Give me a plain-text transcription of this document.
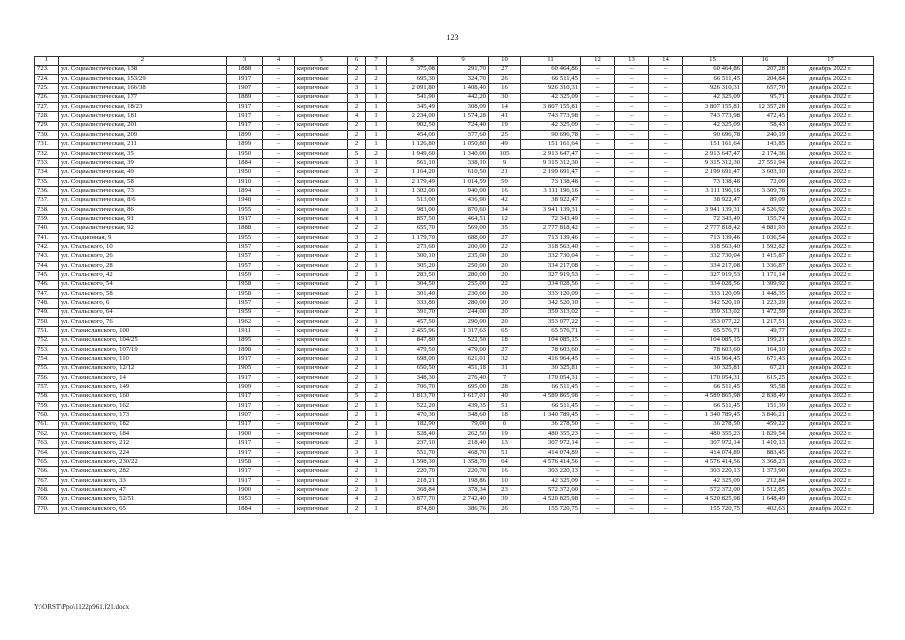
123
1	2	3	4	5	6	7	8	9	10	11	12	13	14	15	16	17
723.	ул. Социалистическая, 138	1888	–	кирпичные	2	1	375,08	291,70	27	60 464,86	–	–	–	60 464,86	207,28	декабрь 2022 г.
724.	ул. Социалистическая, 153/29	1917	–	кирпичные	2	2	695,30	324,70	26	66 511,45	–	–	–	66 511,45	204,84	декабрь 2022 г.
725.	ул. Социалистическая, 166/38	1907	–	кирпичные	3	1	2 091,80	1 408,40	16	926 310,31	–	–	–	926 310,31	657,70	декабрь 2022 г.
726.	ул. Социалистическая, 177	1889	–	кирпичные	3	1	541,90	442,20	30	42 325,09	–	–	–	42 325,09	95,71	декабрь 2022 г.
727.	ул. Социалистическая, 18/23	1917	–	кирпичные	2	1	345,49	308,09	14	3 807 155,81	–	–	–	3 807 155,81	12 357,28	декабрь 2022 г.
728.	ул. Социалистическая, 181	1917	–	кирпичные	4	1	2 234,00	1 574,28	41	743 773,98	–	–	–	743 773,98	472,45	декабрь 2022 г.
729.	ул. Социалистическая, 201	1917	–	кирпичные	2	1	902,50	724,40	19	42 325,09	–	–	–	42 325,09	58,43	декабрь 2022 г.
730.	ул. Социалистическая, 209	1899	–	кирпичные	2	1	454,00	377,60	25	90 696,78	–	–	–	90 696,78	240,19	декабрь 2022 г.
731.	ул. Социалистическая, 211	1899	–	кирпичные	2	1	1 126,80	1 050,80	49	151 161,64	–	–	–	151 161,64	143,85	декабрь 2022 г.
732.	ул. Социалистическая, 35	1950	–	кирпичные	5	2	1 949,60	1 340,00	105	2 913 647,47	–	–	–	2 913 647,47	2 174,36	декабрь 2022 г.
733.	ул. Социалистическая, 39	1884	–	кирпичные	3	1	561,10	338,10	9	9 315 312,30	–	–	–	9 315 312,30	27 551,94	декабрь 2022 г.
734.	ул. Социалистическая, 49	1950	–	кирпичные	3	2	1 164,20	610,50	21	2 199 691,47	–	–	–	2 199 691,47	3 603,10	декабрь 2022 г.
735.	ул. Социалистическая, 58	1910	–	кирпичные	3	1	2 179,49	1 014,59	59	73 138,48	–	–	–	73 138,48	72,09	декабрь 2022 г.
736.	ул. Социалистическая, 73	1894	–	кирпичные	3	1	1 302,00	940,00	16	3 111 196,16	–	–	–	3 111 196,16	3 309,78	декабрь 2022 г.
737.	ул. Социалистическая, 8/6	1948	–	кирпичные	3	1	513,00	436,90	42	38 922,47	–	–	–	38 922,47	89,09	декабрь 2022 г.
738.	ул. Социалистическая, 86	1955	–	кирпичные	3	2	983,00	870,60	34	3 941 139,31	–	–	–	3 941 139,31	4 526,92	декабрь 2022 г.
739.	ул. Социалистическая, 91	1917	–	кирпичные	4	1	857,50	464,51	12	72 343,49	–	–	–	72 343,49	155,74	декабрь 2022 г.
740.	ул. Социалистическая, 92	1888	–	кирпичные	2	2	655,70	569,00	35	2 777 818,42	–	–	–	2 777 818,42	4 881,93	декабрь 2022 г.
741.	ул. Стадионная, 9	1955	–	кирпичные	3	2	1 179,70	688,00	27	713 139,46	–	–	–	713 139,46	1 036,54	декабрь 2022 г.
742.	ул. Стальского, 10	1957	–	кирпичные	2	1	273,60	200,00	22	318 563,40	–	–	–	318 563,40	1 592,82	декабрь 2022 г.
743.	ул. Стальского, 26	1957	–	кирпичные	2	1	300,10	235,00	20	332 730,04	–	–	–	332 730,04	1 415,87	декабрь 2022 г.
744.	ул. Стальского, 28	1957	–	кирпичные	2	1	305,20	250,00	20	334 217,08	–	–	–	334 217,08	1 336,87	декабрь 2022 г.
745.	ул. Стальского, 42	1959	–	кирпичные	2	1	283,50	280,00	20	327 919,53	–	–	–	327 919,53	1 171,14	декабрь 2022 г.
746.	ул. Стальского, 54	1958	–	кирпичные	2	1	304,50	255,00	22	334 028,56	–	–	–	334 028,56	1 309,92	декабрь 2022 г.
747.	ул. Стальского, 58	1958	–	кирпичные	2	1	301,40	230,00	20	333 120,09	–	–	–	333 120,09	1 448,35	декабрь 2022 г.
748.	ул. Стальского, 6	1957	–	кирпичные	2	1	333,80	280,00	20	342 520,10	–	–	–	342 520,10	1 223,29	декабрь 2022 г.
749.	ул. Стальского, 64	1959	–	кирпичные	2	1	391,70	244,00	20	359 313,02	–	–	–	359 313,02	1 472,59	декабрь 2022 г.
750.	ул. Стальского, 76	1962	–	кирпичные	2	1	457,50	290,00	20	353 077,22	–	–	–	353 077,22	1 217,51	декабрь 2022 г.
751.	ул. Станиславского, 100	1911	–	кирпичные	4	2	2 455,96	1 317,63	65	65 576,71	–	–	–	65 576,71	49,77	декабрь 2022 г.
752.	ул. Станиславского, 104/25	1895	–	кирпичные	3	1	847,80	522,50	18	104 085,15	–	–	–	104 085,15	199,21	декабрь 2022 г.
753.	ул. Станиславского, 107/19	1898	–	кирпичные	3	1	479,50	479,00	27	78 603,60	–	–	–	78 603,60	164,10	декабрь 2022 г.
754.	ул. Станиславского, 110	1917	–	кирпичные	2	1	698,00	621,01	32	416 964,45	–	–	–	416 964,45	671,43	декабрь 2022 г.
755.	ул. Станиславского, 12/12	1905	–	кирпичные	2	1	650,50	451,18	31	30 325,81	–	–	–	30 325,81	67,21	декабрь 2022 г.
756.	ул. Станиславского, 14	1917	–	кирпичные	2	1	348,30	276,40	7	170 054,31	–	–	–	170 054,31	615,25	декабрь 2022 г.
757.	ул. Станиславского, 149	1909	–	кирпичные	2	2	706,70	695,00	28	66 511,45	–	–	–	66 511,45	95,58	декабрь 2022 г.
758.	ул. Станиславского, 160	1917	–	кирпичные	5	2	1 813,70	1 617,01	49	4 589 865,98	–	–	–	4 589 865,98	2 838,49	декабрь 2022 г.
759.	ул. Станиславского, 162	1917	–	кирпичные	2	1	522,20	439,35	51	66 511,45	–	–	–	66 511,45	151,39	декабрь 2022 г.
760.	ул. Станиславского, 173	1907	–	кирпичные	2	1	470,30	348,60	18	1 340 789,45	–	–	–	1 340 789,45	3 846,21	декабрь 2022 г.
761.	ул. Станиславского, 182	1917	–	кирпичные	2	1	182,90	79,00	6	36 278,50	–	–	–	36 278,50	459,22	декабрь 2022 г.
762.	ул. Станиславского, 184	1900	–	кирпичные	2	1	528,40	262,50	19	480 355,23	–	–	–	480 355,23	1 829,54	декабрь 2022 г.
763.	ул. Станиславского, 212	1917	–	кирпичные	2	1	237,10	218,40	13	307 972,14	–	–	–	307 972,14	1 410,13	декабрь 2022 г.
764.	ул. Станиславского, 224	1917	–	кирпичные	3	1	551,70	468,70	51	414 074,89	–	–	–	414 074,89	883,45	декабрь 2022 г.
765.	ул. Станиславского, 230/22	1958	–	кирпичные	4	2	1 598,30	1 358,70	64	4 576 414,56	–	–	–	4 576 414,56	3 368,23	декабрь 2022 г.
766.	ул. Станиславского, 282	1917	–	кирпичные	2	1	220,70	220,70	16	303 220,13	–	–	–	303 220,13	1 373,90	декабрь 2022 г.
767.	ул. Станиславского, 33	1917	–	кирпичные	2	1	218,21	198,86	10	42 325,09	–	–	–	42 325,09	212,84	декабрь 2022 г.
768.	ул. Станиславского, 47	1900	–	кирпичные	2	1	368,84	378,34	23	572 372,00	–	–	–	572 372,00	1 512,85	декабрь 2022 г.
769.	ул. Станиславского, 52/51	1953	–	кирпичные	4	2	3 877,70	2 742,40	39	4 520 825,98	–	–	–	4 520 825,98	1 648,49	декабрь 2022 г.
770.	ул. Станиславского, 65	1884	–	кирпичные	2	1	874,80	386,76	26	155 720,75	–	–	–	155 720,75	402,63	декабрь 2022 г.
Y:\ORST\Ppo\1122p961.f21.docx
